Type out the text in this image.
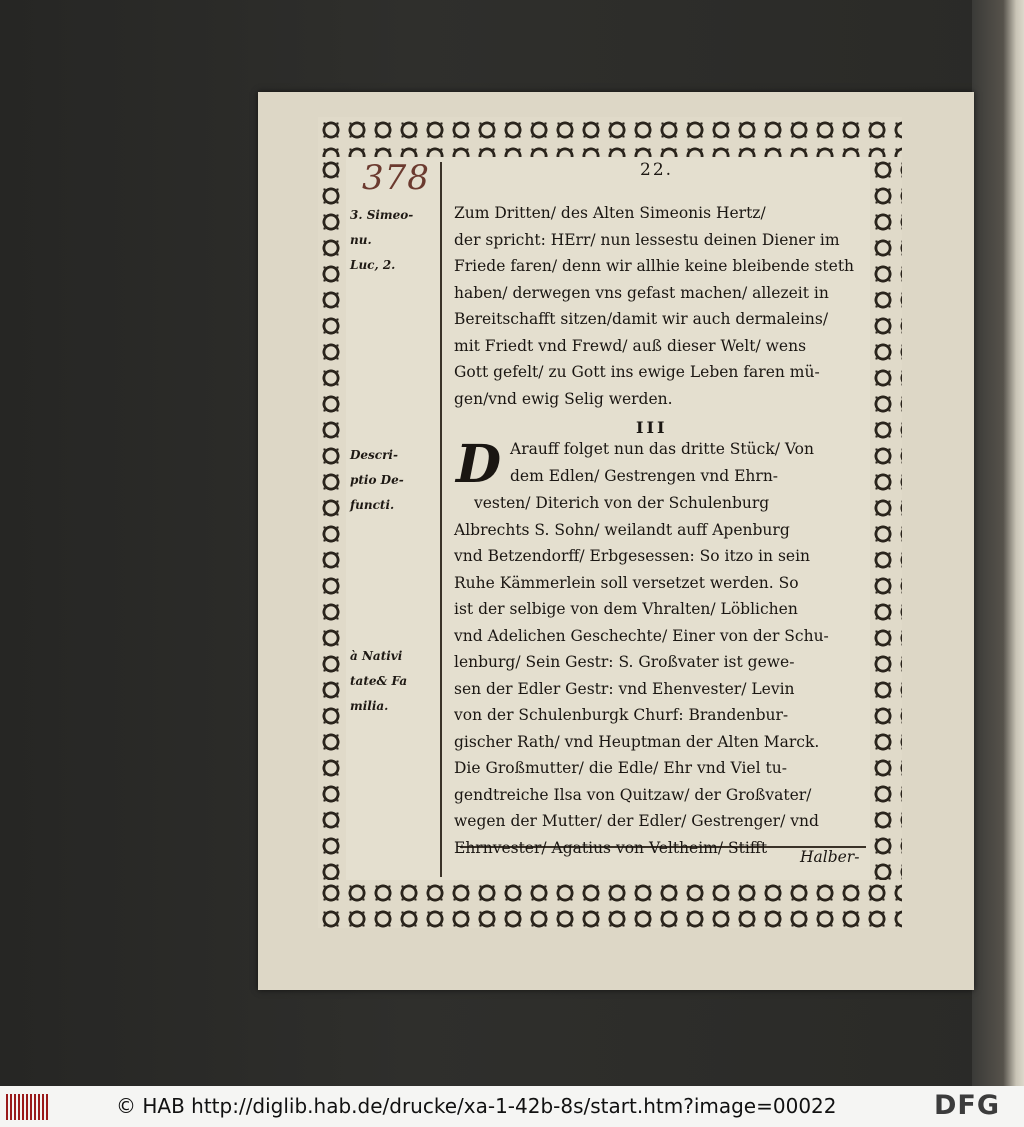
378	22.
3. Simeo-
nu.
Luc, 2.
Descri-
ptio De-
functi.
à Nativi
tate& Fa
milia.
Zum Dritten/ des Alten Simeonis Hertz/
der spricht: HErr/ nun lessestu deinen Diener im
Friede faren/ denn wir allhie keine bleibende steth
haben/ derwegen vns gefast machen/ allezeit in
Bereitschafft sitzen/damit wir auch dermaleins/
mit Friedt vnd Frewd/ auß dieser Welt/ wens
Gott gefelt/ zu Gott ins ewige Leben faren mü-
gen/vnd ewig Selig werden.
III
D Arauff folget nun das dritte Stück/ Von
dem Edlen/ Gestrengen vnd Ehrn-
vesten/ Diterich von der Schulenburg
Albrechts S. Sohn/ weilandt auff Apenburg
vnd Betzendorff/ Erbgesessen: So itzo in sein
Ruhe Kämmerlein soll versetzet werden. So
ist der selbige von dem Vhralten/ Löblichen
vnd Adelichen Geschechte/ Einer von der Schu-
lenburg/ Sein Gestr: S. Großvater ist gewe-
sen der Edler Gestr: vnd Ehenvester/ Levin
von der Schulenburgk Churf: Brandenbur-
gischer Rath/ vnd Heuptman der Alten Marck.
Die Großmutter/ die Edle/ Ehr vnd Viel tu-
gendtreiche Ilsa von Quitzaw/ der Großvater/
wegen der Mutter/ der Edler/ Gestrenger/ vnd
Ehrnvester/ Agatius von Veltheim/ Stifft
Halber-
© HAB http://diglib.hab.de/drucke/xa-1-42b-8s/start.htm?image=00022	DFG
